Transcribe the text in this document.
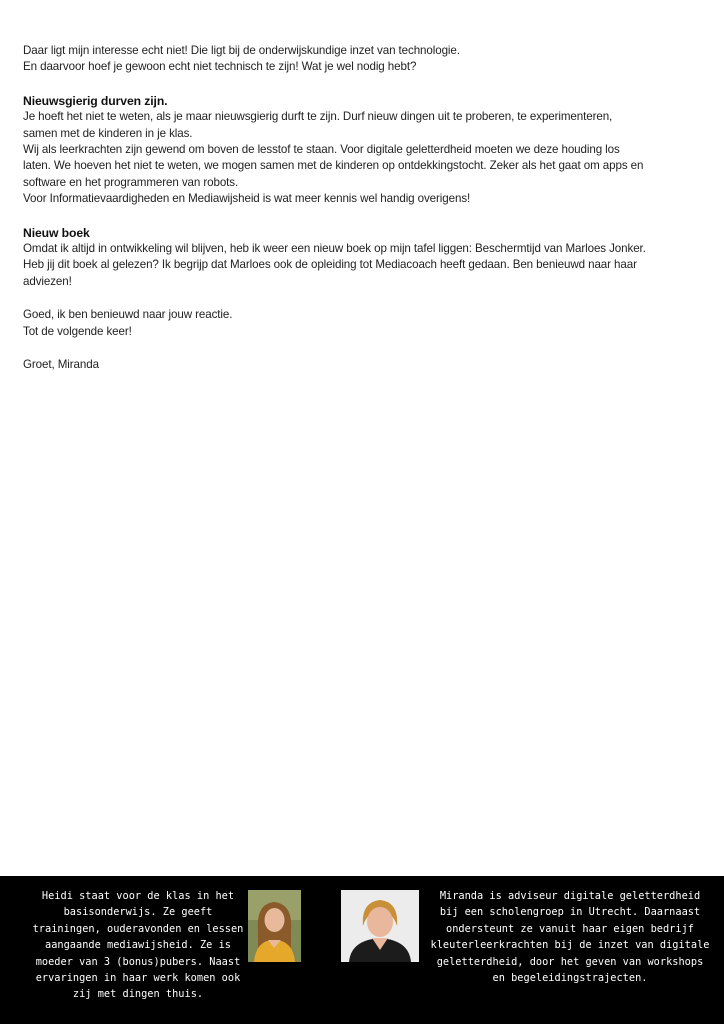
Daar ligt mijn interesse echt niet! Die ligt bij de onderwijskundige inzet van technologie.

En daarvoor hoef je gewoon echt niet technisch te zijn! Wat je wel nodig hebt?

Nieuwsgierig durven zijn.

Je hoeft het niet te weten, als je maar nieuwsgierig durft te zijn. Durf nieuw dingen uit te proberen, te experimenteren,

samen met de kinderen in je klas.

Wij als leerkrachten zijn gewend om boven de lesstof te staan. Voor digitale geletterdheid moeten we deze houding los

laten. We hoeven het niet te weten, we mogen samen met de kinderen op ontdekkingstocht. Zeker als het gaat om apps en

software en het programmeren van robots.

Voor Informatievaardigheden en Mediawijsheid is wat meer kennis wel handig overigens!

Nieuw boek

Omdat ik altijd in ontwikkeling wil blijven, heb ik weer een nieuw boek op mijn tafel liggen: Beschermtijd van Marloes Jonker.

Heb jij dit boek al gelezen? Ik begrijp dat Marloes ook de opleiding tot Mediacoach heeft gedaan. Ben benieuwd naar haar

adviezen!

Goed, ik ben benieuwd naar jouw reactie.

Tot de volgende keer!

Groet, Miranda

Heidi staat voor de klas in het

basisonderwijs. Ze geeft

trainingen, ouderavonden en lessen

aangaande mediawijsheid. Ze is

moeder van 3 (bonus)pubers. Naast

ervaringen in haar werk komen ook

zij met dingen thuis.

Miranda is adviseur digitale geletterdheid

bij een scholengroep in Utrecht. Daarnaast

ondersteunt ze vanuit haar eigen bedrijf

kleuterleerkrachten bij de inzet van digitale

geletterdheid, door het geven van workshops

en begeleidingstrajecten.
